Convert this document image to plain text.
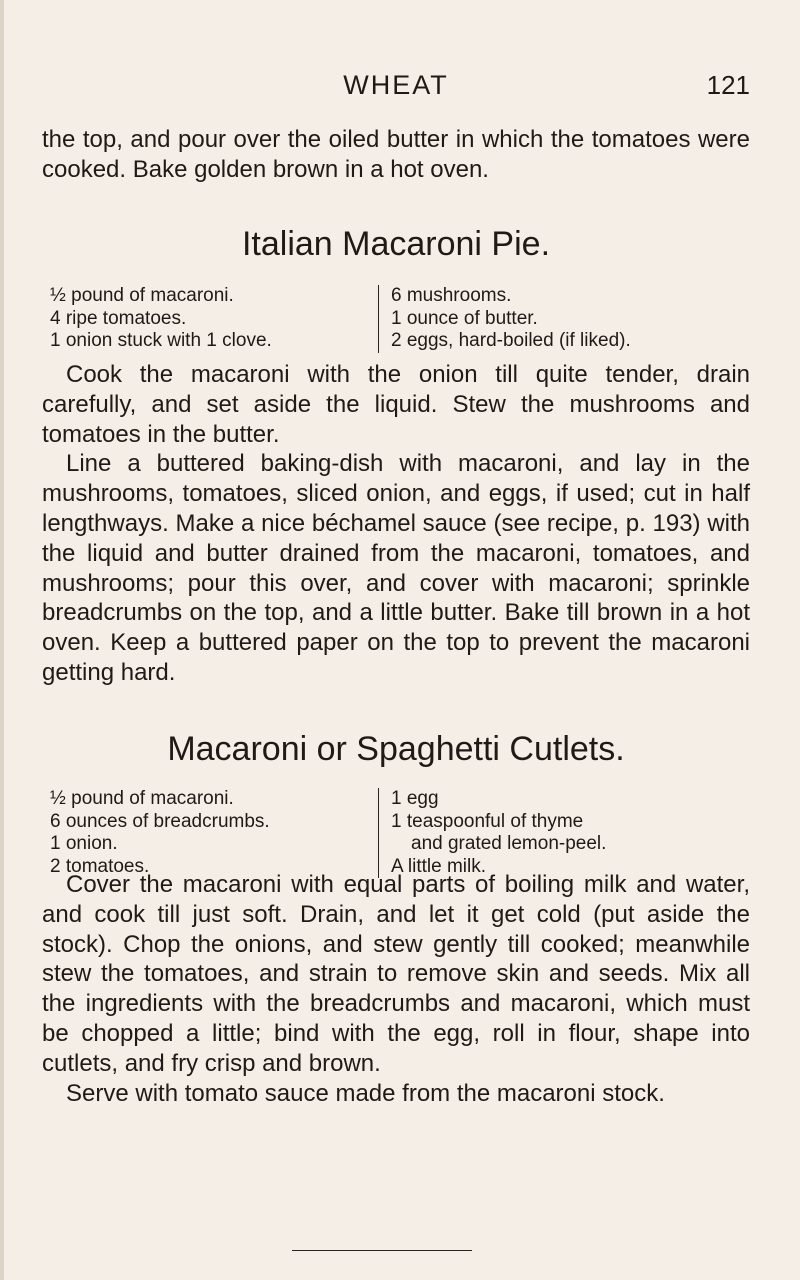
WHEAT	121

the top, and pour over the oiled butter in which the tomatoes were cooked. Bake golden brown in a hot oven.

Italian Macaroni Pie.
½ pound of macaroni.
4 ripe tomatoes.
1 onion stuck with 1 clove.
6 mushrooms.
1 ounce of butter.
2 eggs, hard-boiled (if liked).

Cook the macaroni with the onion till quite tender, drain carefully, and set aside the liquid. Stew the mushrooms and tomatoes in the butter.

Line a buttered baking-dish with macaroni, and lay in the mushrooms, tomatoes, sliced onion, and eggs, if used; cut in half lengthways. Make a nice béchamel sauce (see recipe, p. 193) with the liquid and butter drained from the macaroni, tomatoes, and mushrooms; pour this over, and cover with macaroni; sprinkle breadcrumbs on the top, and a little butter. Bake till brown in a hot oven. Keep a buttered paper on the top to prevent the macaroni getting hard.

Macaroni or Spaghetti Cutlets.
½ pound of macaroni.
6 ounces of breadcrumbs.
1 onion.
2 tomatoes.
1 egg
1 teaspoonful of thyme
and grated lemon-peel.
A little milk.

Cover the macaroni with equal parts of boiling milk and water, and cook till just soft. Drain, and let it get cold (put aside the stock). Chop the onions, and stew gently till cooked; meanwhile stew the tomatoes, and strain to remove skin and seeds. Mix all the ingredients with the breadcrumbs and macaroni, which must be chopped a little; bind with the egg, roll in flour, shape into cutlets, and fry crisp and brown.

Serve with tomato sauce made from the macaroni stock.
